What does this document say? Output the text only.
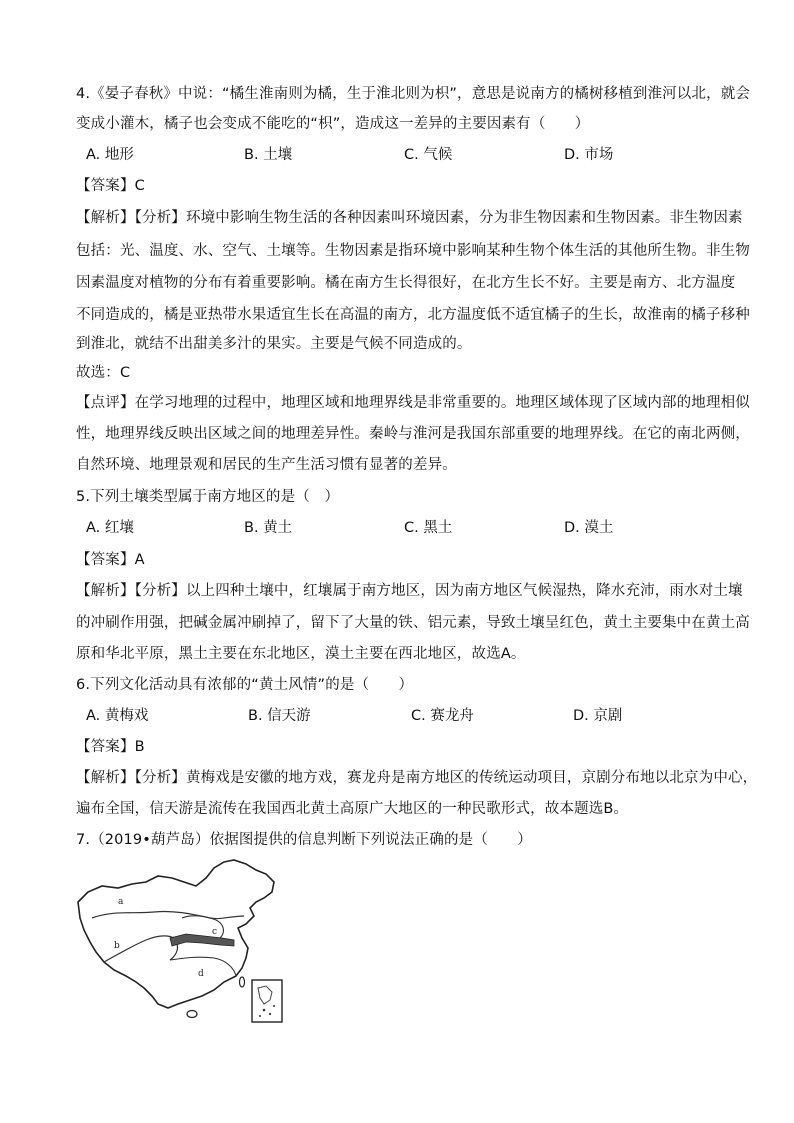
4.《晏子春秋》中说：“橘生淮南则为橘，生于淮北则为枳”，意思是说南方的橘树移植到淮河以北，就会
变成小灌木，橘子也会变成不能吃的“枳”，造成这一差异的主要因素有（　　）
A. 地形	B. 土壤	C. 气候	D. 市场
【答案】C
【解析】【分析】环境中影响生物生活的各种因素叫环境因素，分为非生物因素和生物因素。非生物因素
包括：光、温度、水、空气、土壤等。生物因素是指环境中影响某种生物个体生活的其他所生物。非生物
因素温度对植物的分布有着重要影响。橘在南方生长得很好，在北方生长不好。主要是南方、北方温度
不同造成的，橘是亚热带水果适宜生长在高温的南方，北方温度低不适宜橘子的生长，故淮南的橘子移种
到淮北，就结不出甜美多汁的果实。主要是气候不同造成的。
故选：C
【点评】在学习地理的过程中，地理区域和地理界线是非常重要的。地理区域体现了区域内部的地理相似
性，地理界线反映出区域之间的地理差异性。秦岭与淮河是我国东部重要的地理界线。在它的南北两侧，
自然环境、地理景观和居民的生产生活习惯有显著的差异。
5.下列土壤类型属于南方地区的是（　）
A. 红壤	B. 黄土	C. 黑土	D. 漠土
【答案】A
【解析】【分析】以上四种土壤中，红壤属于南方地区，因为南方地区气候湿热，降水充沛，雨水对土壤
的冲刷作用强，把碱金属冲刷掉了，留下了大量的铁、铝元素，导致土壤呈红色，黄土主要集中在黄土高
原和华北平原，黑土主要在东北地区，漠土主要在西北地区，故选A。
6.下列文化活动具有浓郁的“黄土风情”的是（　　）
A. 黄梅戏	B. 信天游	C. 赛龙舟	D. 京剧
【答案】B
【解析】【分析】黄梅戏是安徽的地方戏，赛龙舟是南方地区的传统运动项目，京剧分布地以北京为中心，
遍布全国，信天游是流传在我国西北黄土高原广大地区的一种民歌形式，故本题选B。
7.（2019•葫芦岛）依据图提供的信息判断下列说法正确的是（　　）
a
b
c
d
